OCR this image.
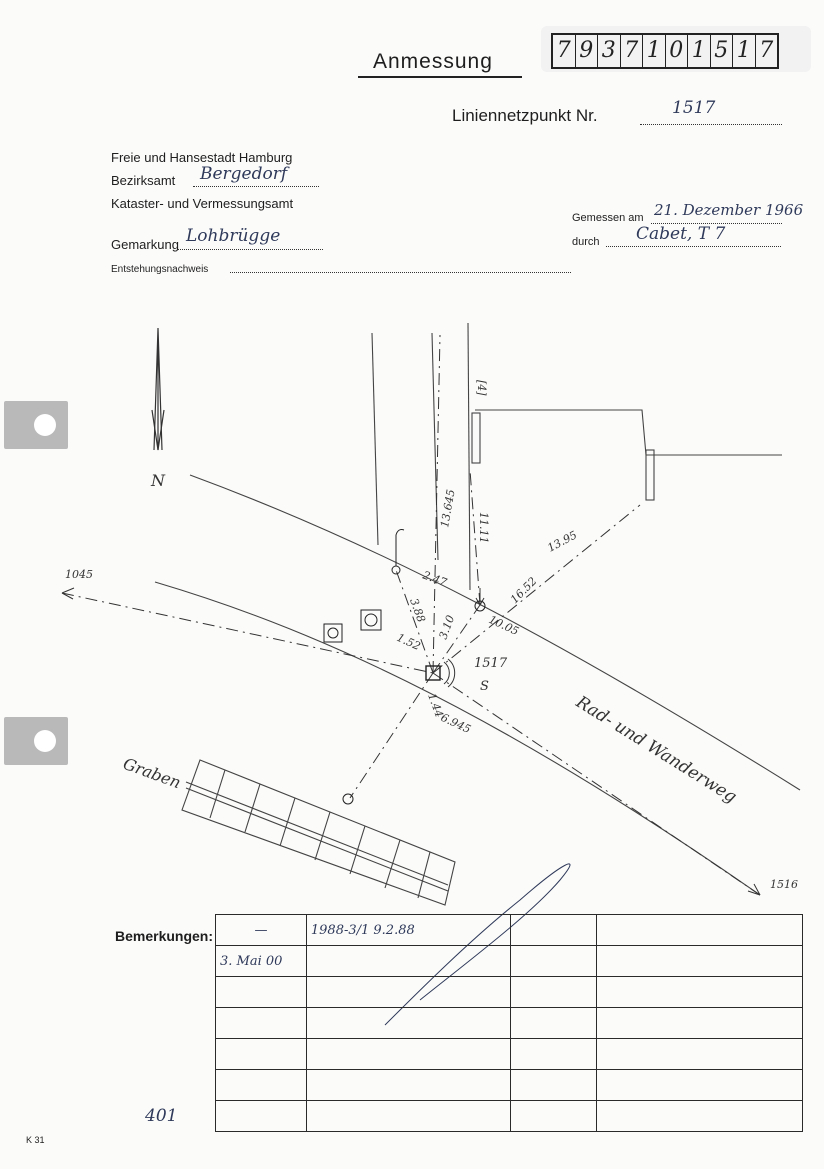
Anmessung	7 9 3 7 1 0 1 5 1 7
Liniennetzpunkt Nr.	1517
Freie und Hansestadt Hamburg
Bezirksamt Bergedorf
Kataster- und Vermessungsamt
Gemarkung Lohbrügge
Entstehungsnachweis
Gemessen am 21. Dezember 1966
durch Cabet, T 7
N
[4]
Graben
1045
1516
1517
S
Rad- und Wanderweg
13.645 11.11	13.95
16.52
2.47
3.88
3.10	10.05
1.52
1.44
6.945
Bemerkungen:	—	1988-3/1 9.2.88		
3. Mai 00			

K 31
401
